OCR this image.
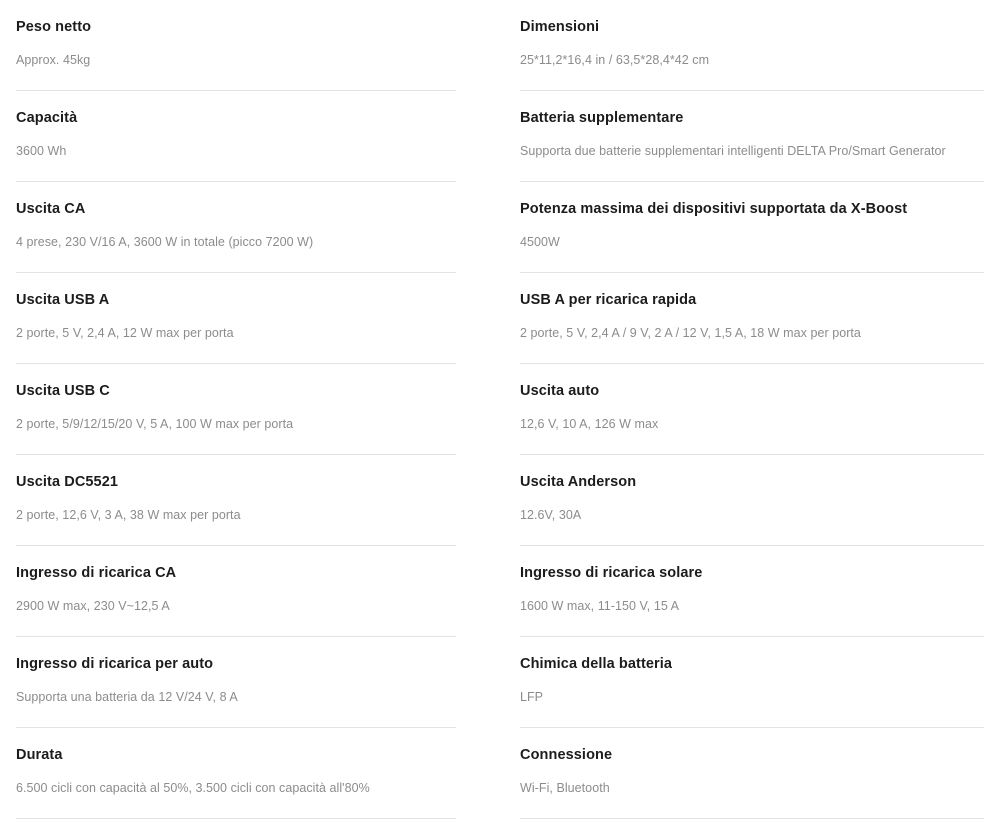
Peso netto

Approx. 45kg

Capacità

3600 Wh

Uscita CA

4 prese, 230 V/16 A, 3600 W in totale (picco 7200 W)

Uscita USB A

2 porte, 5 V, 2,4 A, 12 W max per porta

Uscita USB C

2 porte, 5/9/12/15/20 V, 5 A, 100 W max per porta

Uscita DC5521

2 porte, 12,6 V, 3 A, 38 W max per porta

Ingresso di ricarica CA

2900 W max, 230 V~12,5 A

Ingresso di ricarica per auto

Supporta una batteria da 12 V/24 V, 8 A

Durata

6.500 cicli con capacità al 50%, 3.500 cicli con capacità all'80%

Dimensioni

25*11,2*16,4 in / 63,5*28,4*42 cm

Batteria supplementare

Supporta due batterie supplementari intelligenti DELTA Pro/Smart Generator

Potenza massima dei dispositivi supportata da X-Boost

4500W

USB A per ricarica rapida

2 porte, 5 V, 2,4 A / 9 V, 2 A / 12 V, 1,5 A, 18 W max per porta

Uscita auto

12,6 V, 10 A, 126 W max

Uscita Anderson

12.6V, 30A

Ingresso di ricarica solare

1600 W max, 11-150 V, 15 A

Chimica della batteria

LFP

Connessione

Wi-Fi, Bluetooth
